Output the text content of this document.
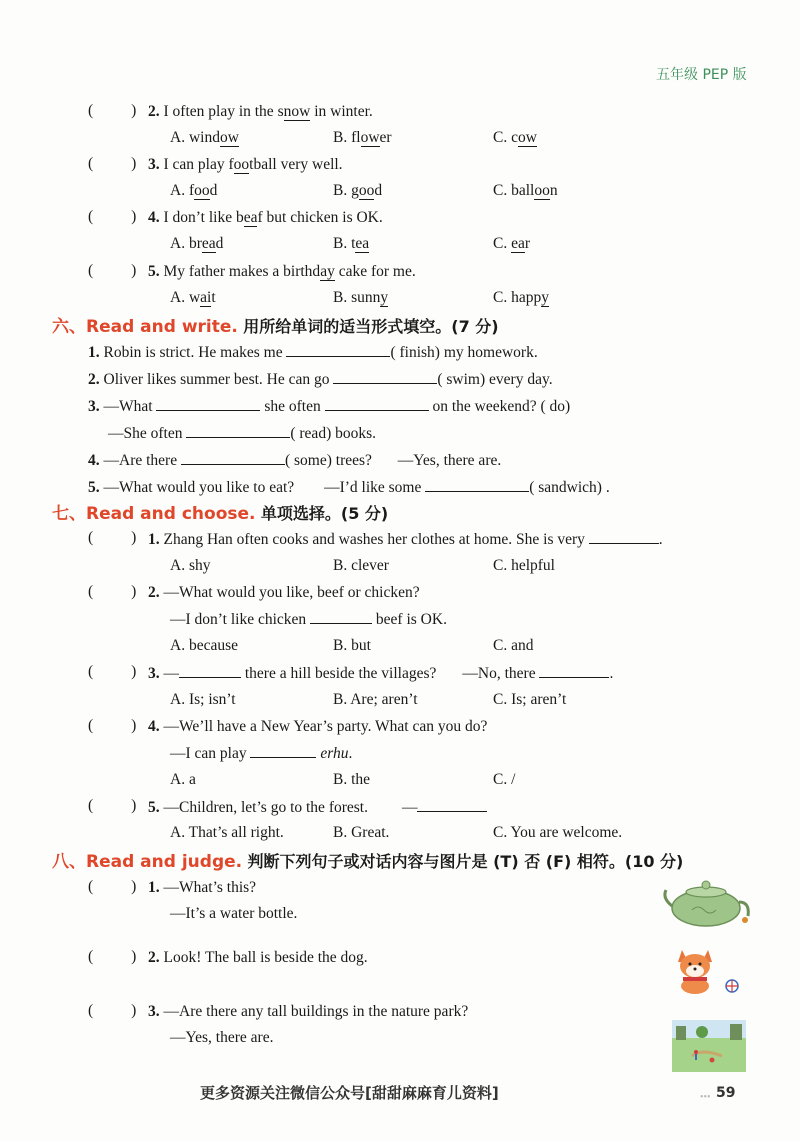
五年级 PEP 版
( ) 2. I often play in the snow in winter.
A. window	B. flower	C. cow
( ) 3. I can play football very well.
A. food	B. good	C. balloon
( ) 4. I don’t like beaf but chicken is OK.
A. bread	B. tea	C. ear
( ) 5. My father makes a birthday cake for me.
A. wait	B. sunny	C. happy
六、Read and write. 用所给单词的适当形式填空。(7 分)
1. Robin is strict. He makes me	( finish) my homework.
2. Oliver likes summer best. He can go	( swim) every day.
3. —What	she often	on the weekend? ( do)
—She often	( read) books.
4. —Are there	( some) trees? —Yes, there are.
5. —What would you like to eat? —I’d like some	( sandwich) .
七、Read and choose. 单项选择。(5 分)
( ) 1. Zhang Han often cooks and washes her clothes at home. She is very	.
A. shy	B. clever	C. helpful
( ) 2. —What would you like, beef or chicken?
—I don’t like chicken	beef is OK.
A. because	B. but	C. and
( ) 3. —	there a hill beside the villages? —No, there	.
A. Is; isn’t	B. Are; aren’t	C. Is; aren’t
( ) 4. —We’ll have a New Year’s party. What can you do?
—I can play	erhu.
A. a	B. the	C. /
( ) 5. —Children, let’s go to the forest. —
A. That’s all right.	B. Great.	C. You are welcome.
八、Read and judge. 判断下列句子或对话内容与图片是 (T) 否 (F) 相符。(10 分)
( ) 1. —What’s this?
—It’s a water bottle.
( ) 2. Look! The ball is beside the dog.
( ) 3. —Are there any tall buildings in the nature park?
—Yes, there are.
••• 59
更多资源关注微信公众号[甜甜麻麻育儿资料]
